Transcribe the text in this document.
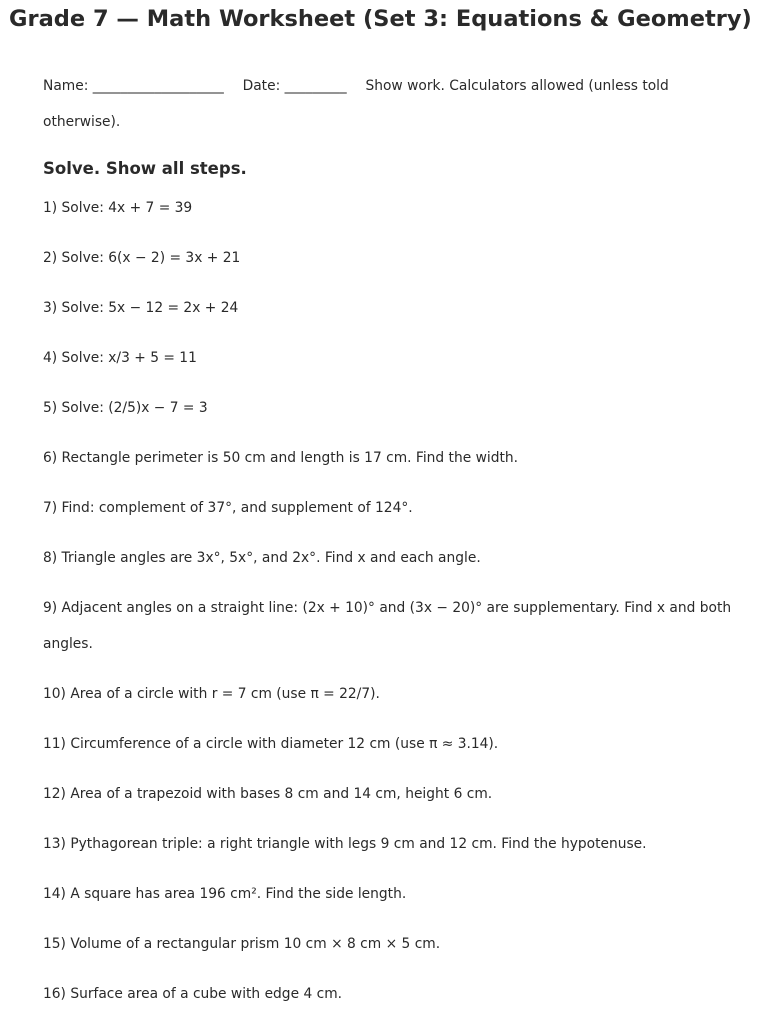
Grade 7 — Math Worksheet (Set 3: Equations & Geometry)

Name: ___________________ Date: _________ Show work. Calculators allowed (unless told otherwise).

Solve. Show all steps.
1) Solve: 4x + 7 = 39
2) Solve: 6(x − 2) = 3x + 21
3) Solve: 5x − 12 = 2x + 24
4) Solve: x/3 + 5 = 11
5) Solve: (2/5)x − 7 = 3
6) Rectangle perimeter is 50 cm and length is 17 cm. Find the width.
7) Find: complement of 37°, and supplement of 124°.
8) Triangle angles are 3x°, 5x°, and 2x°. Find x and each angle.
9) Adjacent angles on a straight line: (2x + 10)° and (3x − 20)° are supplementary. Find x and both angles.
10) Area of a circle with r = 7 cm (use π = 22/7).
11) Circumference of a circle with diameter 12 cm (use π ≈ 3.14).
12) Area of a trapezoid with bases 8 cm and 14 cm, height 6 cm.
13) Pythagorean triple: a right triangle with legs 9 cm and 12 cm. Find the hypotenuse.
14) A square has area 196 cm². Find the side length.
15) Volume of a rectangular prism 10 cm × 8 cm × 5 cm.
16) Surface area of a cube with edge 4 cm.
